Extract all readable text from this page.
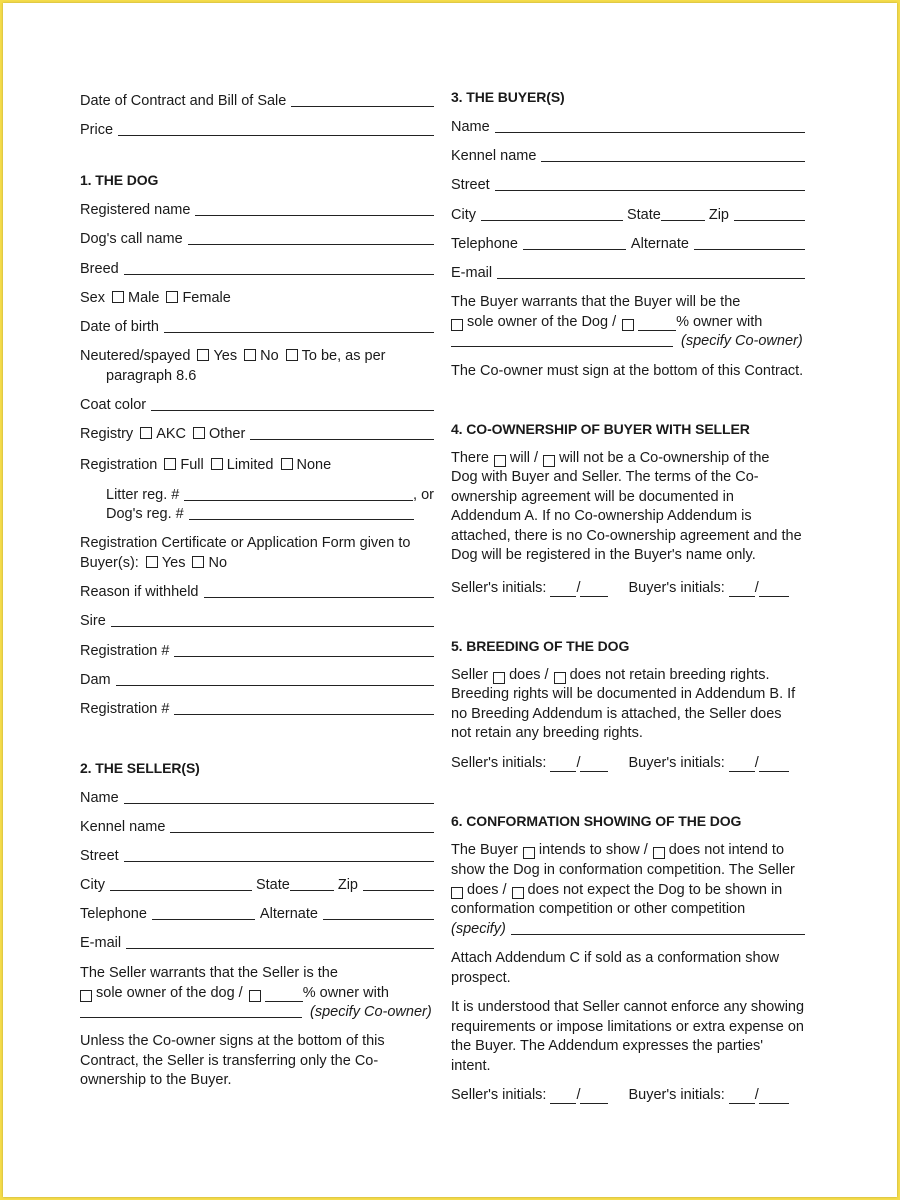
Date of Contract and Bill of Sale
Price
1. THE DOG
Registered name
Dog's call name
Breed
Sex	Male	Female
Date of birth
Neutered/spayed	Yes	No	To be, as per
paragraph 8.6
Coat color
Registry	AKC	Other
Registration	Full	Limited	None
Litter reg. #	, or
Dog's reg. #
Registration Certificate or Application Form given to
Buyer(s):	Yes	No
Reason if withheld
Sire
Registration #
Dam
Registration #
2. THE SELLER(S)
Name
Kennel name
Street
City	State	Zip
Telephone	Alternate
E-mail
The Seller warrants that the Seller is the
sole owner of the dog /	% owner with
(specify Co-owner)
Unless the Co-owner signs at the bottom of this Contract, the Seller is transferring only the Co-ownership to the Buyer.
3. THE BUYER(S)
Name
Kennel name
Street
City	State	Zip
Telephone	Alternate
E-mail
The Buyer warrants that the Buyer will be the
sole owner of the Dog /	% owner with
(specify Co-owner)
The Co-owner must sign at the bottom of this Contract.
4. CO-OWNERSHIP OF BUYER WITH SELLER
There will / will not be a Co-ownership of the
Dog with Buyer and Seller. The terms of the Co-ownership agreement will be documented in Addendum A. If no Co-ownership Addendum is attached, there is no Co-ownership agreement and the Dog will be registered in the Buyer's name only.
Seller's initials: /	Buyer's initials: /
5. BREEDING OF THE DOG
Seller does / does not retain breeding rights.
Breeding rights will be documented in Addendum B. If no Breeding Addendum is attached, the Seller does not retain any breeding rights.
Seller's initials: /	Buyer's initials: /
6. CONFORMATION SHOWING OF THE DOG
The Buyer intends to show / does not intend to
show the Dog in conformation competition. The Seller
does / does not expect the Dog to be shown in
conformation competition or other competition
(specify)
Attach Addendum C if sold as a conformation show prospect.
It is understood that Seller cannot enforce any showing requirements or impose limitations or extra expense on the Buyer. The Addendum expresses the parties' intent.
Seller's initials: /	Buyer's initials: /
